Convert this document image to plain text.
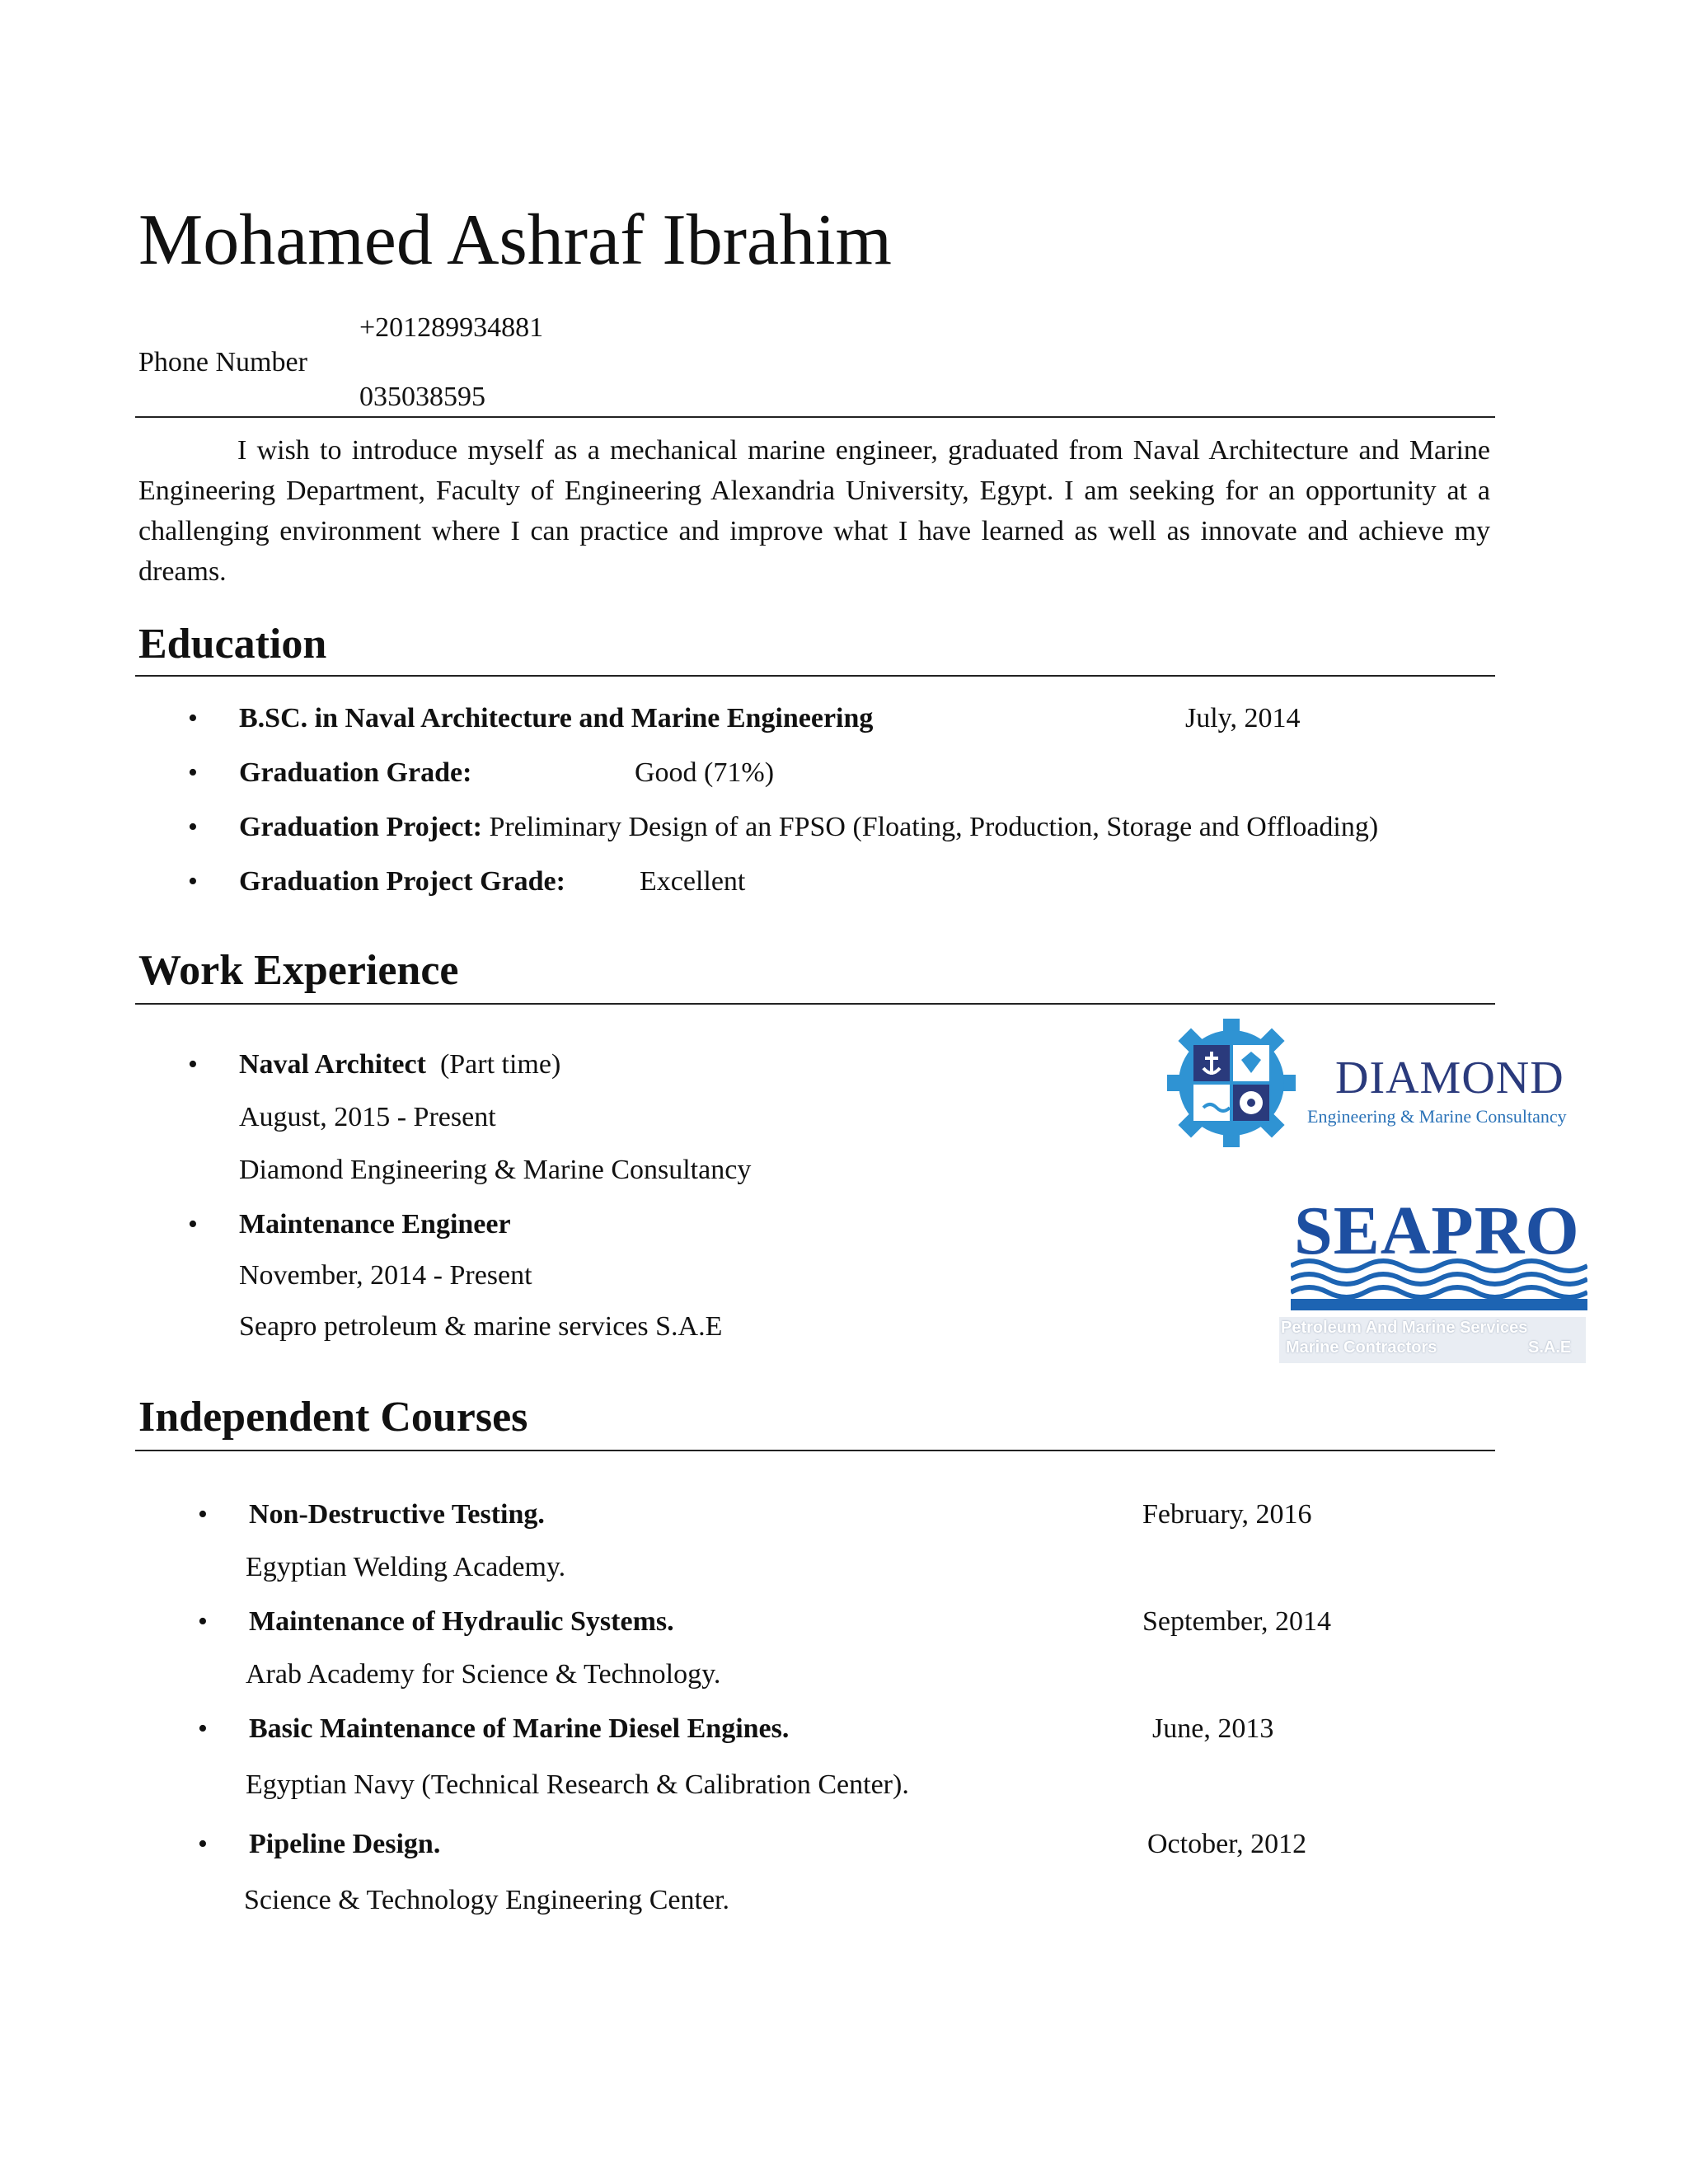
Mohamed Ashraf Ibrahim
+201289934881
Phone Number
035038595
I wish to introduce myself as a mechanical marine engineer, graduated from Naval Architecture and Marine Engineering Department, Faculty of Engineering Alexandria University, Egypt. I am seeking for an opportunity at a challenging environment where I can practice and improve what I have learned as well as innovate and achieve my dreams.
Education
• B.SC. in Naval Architecture and Marine Engineering	July, 2014
• Graduation Grade:	Good (71%)
• Graduation Project: Preliminary Design of an FPSO (Floating, Production, Storage and Offloading)
• Graduation Project Grade:	Excellent
Work Experience
• Naval Architect (Part time)
August, 2015 - Present
Diamond Engineering & Marine Consultancy
• Maintenance Engineer
November, 2014 - Present
Seapro petroleum & marine services S.A.E
DIAMOND
Engineering & Marine Consultancy
SEAPRO
Petroleum And Marine Services
Marine Contractors	S.A.E
Independent Courses
• Non-Destructive Testing.	February, 2016
Egyptian Welding Academy.
• Maintenance of Hydraulic Systems.	September, 2014
Arab Academy for Science & Technology.
• Basic Maintenance of Marine Diesel Engines.	June, 2013
Egyptian Navy (Technical Research & Calibration Center).
• Pipeline Design.	October, 2012
Science & Technology Engineering Center.
